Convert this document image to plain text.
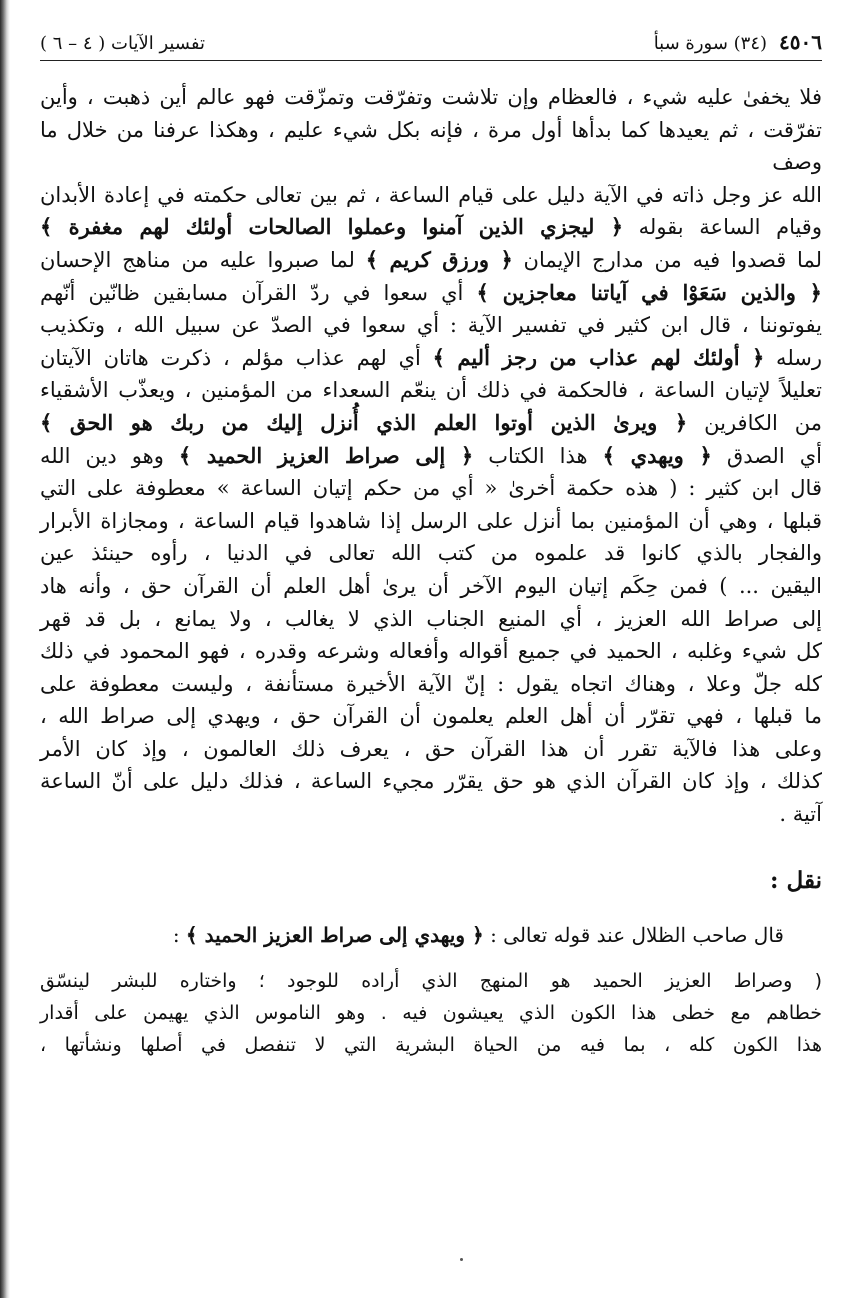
٤٥٠٦
(٣٤) سورة سبأ
تفسير الآيات ( ٤ – ٦ )

فلا يخفىٰ عليه شيء ، فالعظام وإن تلاشت وتفرّقت وتمزّقت فهو عالم أين ذهبت ، وأين

تفرّقت ، ثم يعيدها كما بدأها أول مرة ، فإنه بكل شيء عليم ، وهكذا عرفنا من خلال ما وصف

الله عز وجل ذاته في الآية دليل على قيام الساعة ، ثم بين تعالى حكمته في إعادة الأبدان

وقيام الساعة بقوله ﴿ ليجزي الذين آمنوا وعملوا الصالحات أولئك لهم مغفرة ﴾

لما قصدوا فيه من مدارج الإيمان ﴿ ورزق كريم ﴾ لما صبروا عليه من مناهج الإحسان

﴿ والذين سَعَوْا في آياتنا معاجزين ﴾ أي سعوا في ردّ القرآن مسابقين ظانّين أنّهم

يفوتوننا ، قال ابن كثير في تفسير الآية : أي سعوا في الصدّ عن سبيل الله ، وتكذيب

رسله ﴿ أولئك لهم عذاب من رجز أليم ﴾ أي لهم عذاب مؤلم ، ذكرت هاتان الآيتان

تعليلاً لإتيان الساعة ، فالحكمة في ذلك أن ينعّم السعداء من المؤمنين ، ويعذّب الأشقياء

من الكافرين ﴿ ويرىٰ الذين أوتوا العلم الذي أُنزل إليك من ربك هو الحق ﴾

أي الصدق ﴿ ويهدي ﴾ هذا الكتاب ﴿ إلى صراط العزيز الحميد ﴾ وهو دين الله

قال ابن كثير : ( هذه حكمة أخرىٰ « أي من حكم إتيان الساعة » معطوفة على التي

قبلها ، وهي أن المؤمنين بما أنزل على الرسل إذا شاهدوا قيام الساعة ، ومجازاة الأبرار

والفجار بالذي كانوا قد علموه من كتب الله تعالى في الدنيا ، رأوه حينئذ عين

اليقين ... ) فمن حِكَم إتيان اليوم الآخر أن يرىٰ أهل العلم أن القرآن حق ، وأنه هاد

إلى صراط الله العزيز ، أي المنيع الجناب الذي لا يغالب ، ولا يمانع ، بل قد قهر

كل شيء وغلبه ، الحميد في جميع أقواله وأفعاله وشرعه وقدره ، فهو المحمود في ذلك

كله جلّ وعلا ، وهناك اتجاه يقول : إنّ الآية الأخيرة مستأنفة ، وليست معطوفة على

ما قبلها ، فهي تقرّر أن أهل العلم يعلمون أن القرآن حق ، ويهدي إلى صراط الله ،

وعلى هذا فالآية تقرر أن هذا القرآن حق ، يعرف ذلك العالمون ، وإذ كان الأمر

كذلك ، وإذ كان القرآن الذي هو حق يقرّر مجيء الساعة ، فذلك دليل على أنّ الساعة

آتية .

نقل :
قال صاحب الظلال عند قوله تعالى : ﴿ ويهدي إلى صراط العزيز الحميد ﴾ :

( وصراط العزيز الحميد هو المنهج الذي أراده للوجود ؛ واختاره للبشر لينسّق

خطاهم مع خطى هذا الكون الذي يعيشون فيه . وهو الناموس الذي يهيمن على أقدار

هذا الكون كله ، بما فيه من الحياة البشرية التي لا تنفصل في أصلها ونشأتها ،
